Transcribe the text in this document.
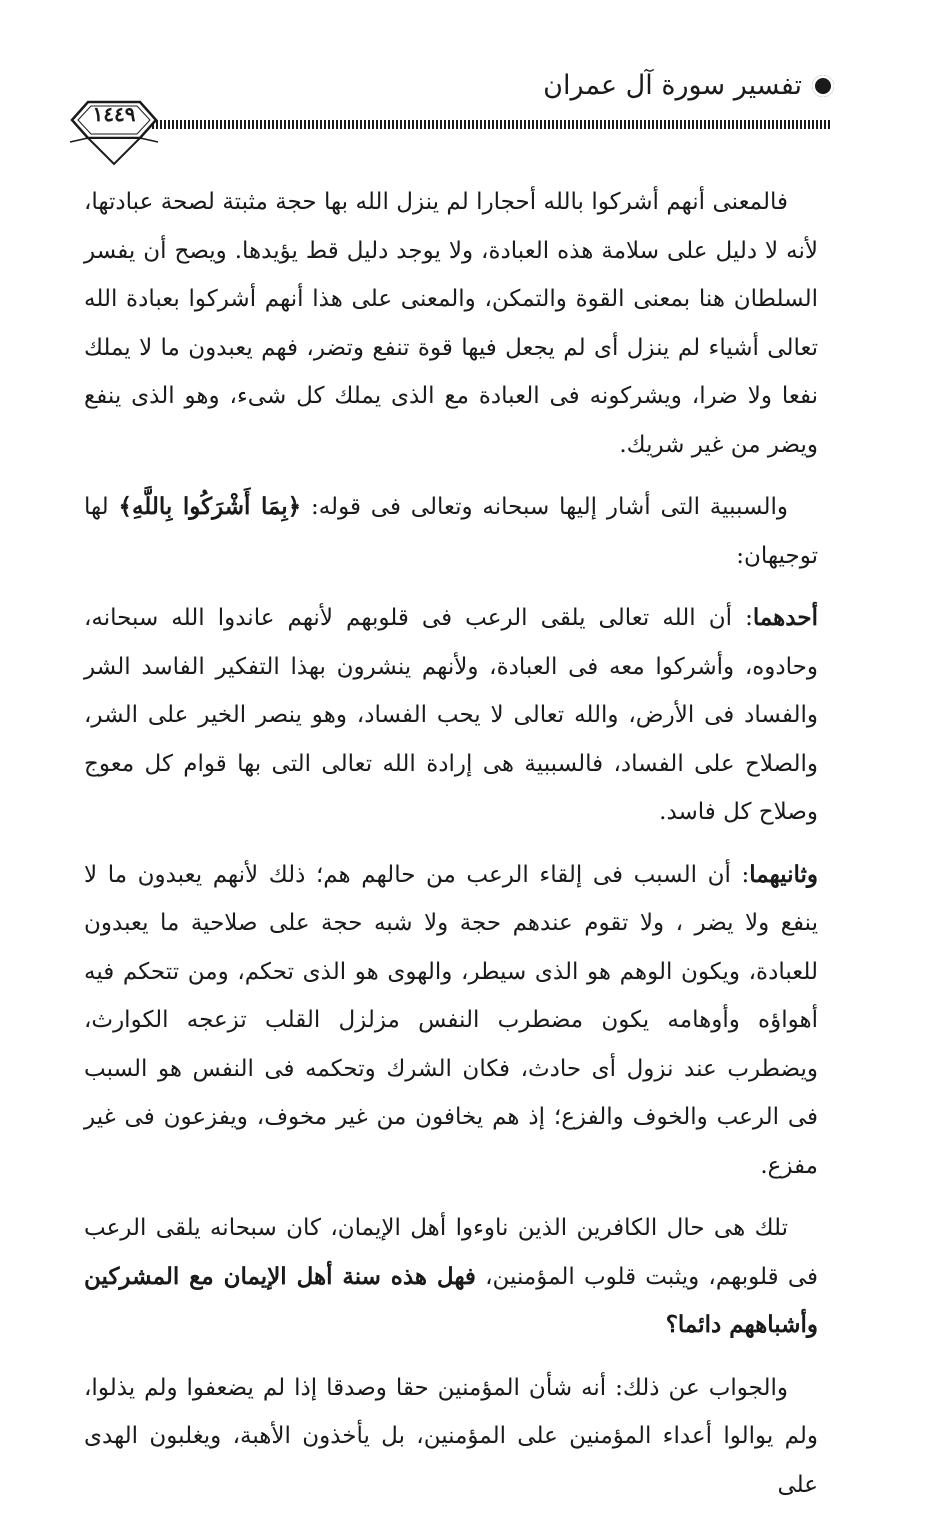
تفسير سورة آل عمران
١٤٤٩

فالمعنى أنهم أشركوا بالله أحجارا لم ينزل الله بها حجة مثبتة لصحة عبادتها، لأنه لا دليل على سلامة هذه العبادة، ولا يوجد دليل قط يؤيدها. ويصح أن يفسر السلطان هنا بمعنى القوة والتمكن، والمعنى على هذا أنهم أشركوا بعبادة الله تعالى أشياء لم ينزل أى لم يجعل فيها قوة تنفع وتضر، فهم يعبدون ما لا يملك نفعا ولا ضرا، ويشركونه فى العبادة مع الذى يملك كل شىء، وهو الذى ينفع ويضر من غير شريك.

والسببية التى أشار إليها سبحانه وتعالى فى قوله: ﴿بِمَا أَشْرَكُوا بِاللَّهِ﴾ لها توجيهان:

أحدهما: أن الله تعالى يلقى الرعب فى قلوبهم لأنهم عاندوا الله سبحانه، وحادوه، وأشركوا معه فى العبادة، ولأنهم ينشرون بهذا التفكير الفاسد الشر والفساد فى الأرض، والله تعالى لا يحب الفساد، وهو ينصر الخير على الشر، والصلاح على الفساد، فالسببية هى إرادة الله تعالى التى بها قوام كل معوج وصلاح كل فاسد.

وثانيهما: أن السبب فى إلقاء الرعب من حالهم هم؛ ذلك لأنهم يعبدون ما لا ينفع ولا يضر ، ولا تقوم عندهم حجة ولا شبه حجة على صلاحية ما يعبدون للعبادة، ويكون الوهم هو الذى سيطر، والهوى هو الذى تحكم، ومن تتحكم فيه أهواؤه وأوهامه يكون مضطرب النفس مزلزل القلب تزعجه الكوارث، ويضطرب عند نزول أى حادث، فكان الشرك وتحكمه فى النفس هو السبب فى الرعب والخوف والفزع؛ إذ هم يخافون من غير مخوف، ويفزعون فى غير مفزع.

تلك هى حال الكافرين الذين ناوءوا أهل الإيمان، كان سبحانه يلقى الرعب فى قلوبهم، ويثبت قلوب المؤمنين، فهل هذه سنة أهل الإيمان مع المشركين وأشباههم دائما؟

والجواب عن ذلك: أنه شأن المؤمنين حقا وصدقا إذا لم يضعفوا ولم يذلوا، ولم يوالوا أعداء المؤمنين على المؤمنين، بل يأخذون الأهبة، ويغلبون الهدى على
